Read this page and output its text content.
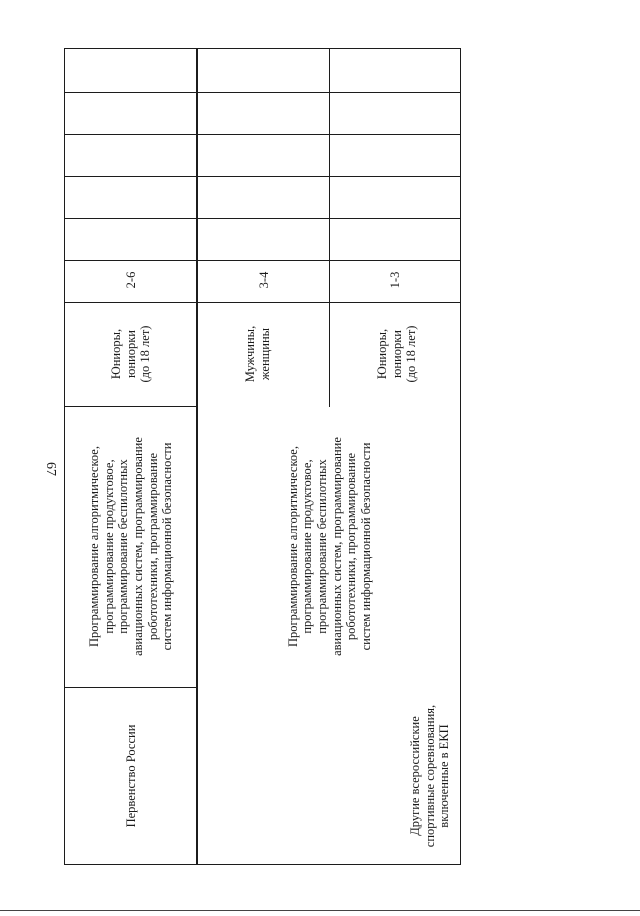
67
Первенство России
Программирование алгоритмическое,
программирование продуктовое,
программирование беспилотных
авиационных систем, программирование
робототехники, программирование
систем информационной безопасности
Юниоры,
юниорки
(до 18 лет)
2-6
Другие всероссийские
спортивные соревнования,
включенные в ЕКП
Программирование алгоритмическое,
программирование продуктовое,
программирование беспилотных
авиационных систем, программирование
робототехники, программирование
систем информационной безопасности
Мужчины,
женщины
3-4
Юниоры,
юниорки
(до 18 лет)
1-3
